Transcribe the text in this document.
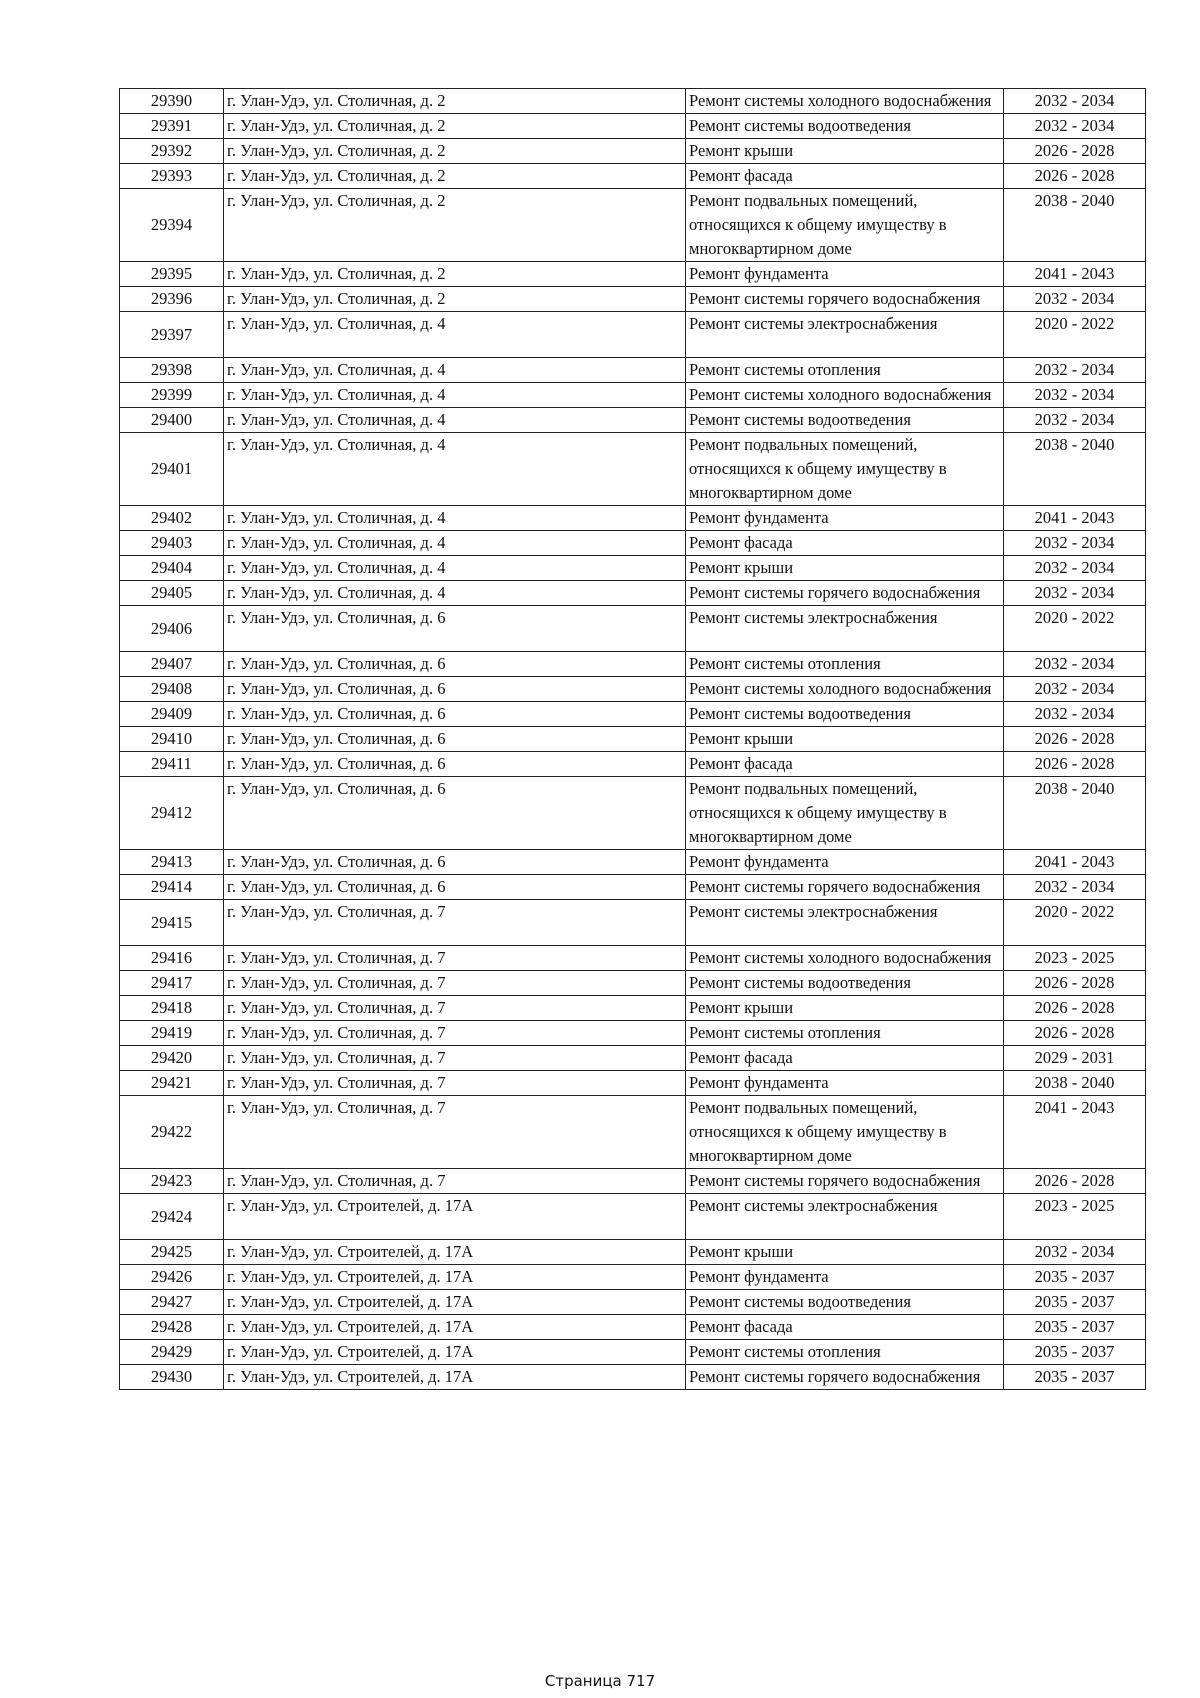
29390	г. Улан-Удэ, ул. Столичная, д. 2	Ремонт системы холодного водоснабжения	2032 - 2034
29391	г. Улан-Удэ, ул. Столичная, д. 2	Ремонт системы водоотведения	2032 - 2034
29392	г. Улан-Удэ, ул. Столичная, д. 2	Ремонт крыши	2026 - 2028
29393	г. Улан-Удэ, ул. Столичная, д. 2	Ремонт фасада	2026 - 2028
29394	г. Улан-Удэ, ул. Столичная, д. 2	Ремонт подвальных помещений, относящихся к общему имуществу в многоквартирном доме	2038 - 2040
29395	г. Улан-Удэ, ул. Столичная, д. 2	Ремонт фундамента	2041 - 2043
29396	г. Улан-Удэ, ул. Столичная, д. 2	Ремонт системы горячего водоснабжения	2032 - 2034
29397	г. Улан-Удэ, ул. Столичная, д. 4	Ремонт системы электроснабжения	2020 - 2022
29398	г. Улан-Удэ, ул. Столичная, д. 4	Ремонт системы отопления	2032 - 2034
29399	г. Улан-Удэ, ул. Столичная, д. 4	Ремонт системы холодного водоснабжения	2032 - 2034
29400	г. Улан-Удэ, ул. Столичная, д. 4	Ремонт системы водоотведения	2032 - 2034
29401	г. Улан-Удэ, ул. Столичная, д. 4	Ремонт подвальных помещений, относящихся к общему имуществу в многоквартирном доме	2038 - 2040
29402	г. Улан-Удэ, ул. Столичная, д. 4	Ремонт фундамента	2041 - 2043
29403	г. Улан-Удэ, ул. Столичная, д. 4	Ремонт фасада	2032 - 2034
29404	г. Улан-Удэ, ул. Столичная, д. 4	Ремонт крыши	2032 - 2034
29405	г. Улан-Удэ, ул. Столичная, д. 4	Ремонт системы горячего водоснабжения	2032 - 2034
29406	г. Улан-Удэ, ул. Столичная, д. 6	Ремонт системы электроснабжения	2020 - 2022
29407	г. Улан-Удэ, ул. Столичная, д. 6	Ремонт системы отопления	2032 - 2034
29408	г. Улан-Удэ, ул. Столичная, д. 6	Ремонт системы холодного водоснабжения	2032 - 2034
29409	г. Улан-Удэ, ул. Столичная, д. 6	Ремонт системы водоотведения	2032 - 2034
29410	г. Улан-Удэ, ул. Столичная, д. 6	Ремонт крыши	2026 - 2028
29411	г. Улан-Удэ, ул. Столичная, д. 6	Ремонт фасада	2026 - 2028
29412	г. Улан-Удэ, ул. Столичная, д. 6	Ремонт подвальных помещений, относящихся к общему имуществу в многоквартирном доме	2038 - 2040
29413	г. Улан-Удэ, ул. Столичная, д. 6	Ремонт фундамента	2041 - 2043
29414	г. Улан-Удэ, ул. Столичная, д. 6	Ремонт системы горячего водоснабжения	2032 - 2034
29415	г. Улан-Удэ, ул. Столичная, д. 7	Ремонт системы электроснабжения	2020 - 2022
29416	г. Улан-Удэ, ул. Столичная, д. 7	Ремонт системы холодного водоснабжения	2023 - 2025
29417	г. Улан-Удэ, ул. Столичная, д. 7	Ремонт системы водоотведения	2026 - 2028
29418	г. Улан-Удэ, ул. Столичная, д. 7	Ремонт крыши	2026 - 2028
29419	г. Улан-Удэ, ул. Столичная, д. 7	Ремонт системы отопления	2026 - 2028
29420	г. Улан-Удэ, ул. Столичная, д. 7	Ремонт фасада	2029 - 2031
29421	г. Улан-Удэ, ул. Столичная, д. 7	Ремонт фундамента	2038 - 2040
29422	г. Улан-Удэ, ул. Столичная, д. 7	Ремонт подвальных помещений, относящихся к общему имуществу в многоквартирном доме	2041 - 2043
29423	г. Улан-Удэ, ул. Столичная, д. 7	Ремонт системы горячего водоснабжения	2026 - 2028
29424	г. Улан-Удэ, ул. Строителей, д. 17А	Ремонт системы электроснабжения	2023 - 2025
29425	г. Улан-Удэ, ул. Строителей, д. 17А	Ремонт крыши	2032 - 2034
29426	г. Улан-Удэ, ул. Строителей, д. 17А	Ремонт фундамента	2035 - 2037
29427	г. Улан-Удэ, ул. Строителей, д. 17А	Ремонт системы водоотведения	2035 - 2037
29428	г. Улан-Удэ, ул. Строителей, д. 17А	Ремонт фасада	2035 - 2037
29429	г. Улан-Удэ, ул. Строителей, д. 17А	Ремонт системы отопления	2035 - 2037
29430	г. Улан-Удэ, ул. Строителей, д. 17А	Ремонт системы горячего водоснабжения	2035 - 2037
Страница 717
